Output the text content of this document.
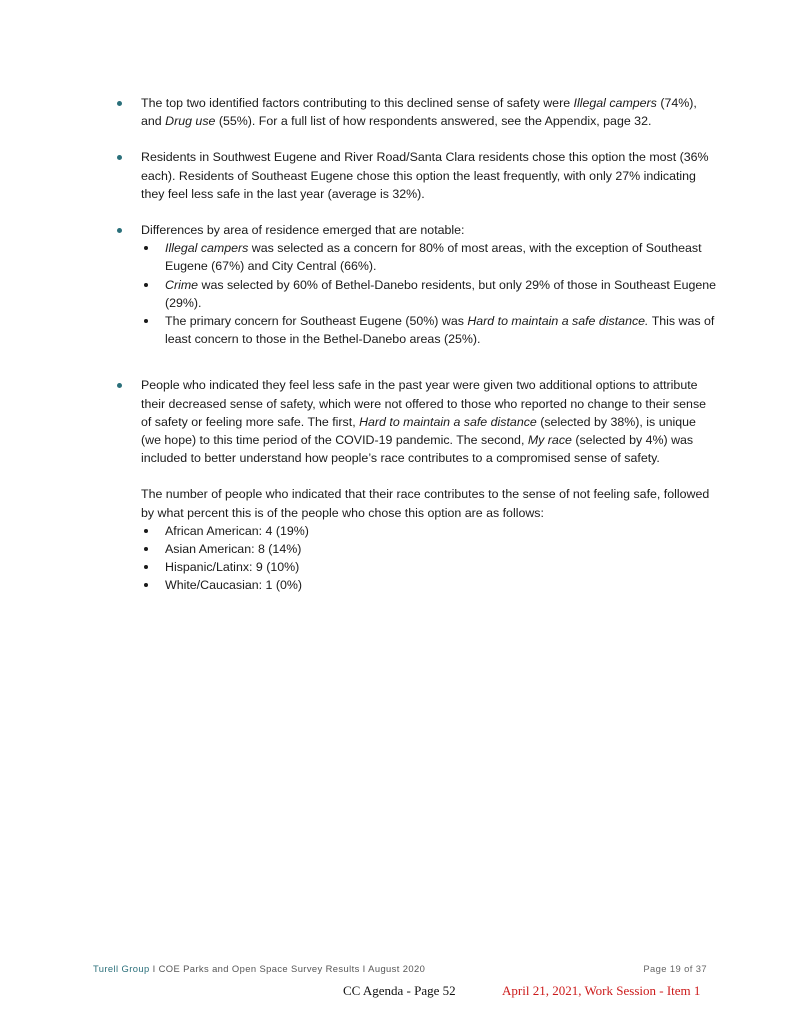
The top two identified factors contributing to this declined sense of safety were Illegal campers (74%), and Drug use (55%). For a full list of how respondents answered, see the Appendix, page 32.
Residents in Southwest Eugene and River Road/Santa Clara residents chose this option the most (36% each). Residents of Southeast Eugene chose this option the least frequently, with only 27% indicating they feel less safe in the last year (average is 32%).
Differences by area of residence emerged that are notable:
Illegal campers was selected as a concern for 80% of most areas, with the exception of Southeast Eugene (67%) and City Central (66%).
Crime was selected by 60% of Bethel-Danebo residents, but only 29% of those in Southeast Eugene (29%).
The primary concern for Southeast Eugene (50%) was Hard to maintain a safe distance. This was of least concern to those in the Bethel-Danebo areas (25%).
People who indicated they feel less safe in the past year were given two additional options to attribute their decreased sense of safety, which were not offered to those who reported no change to their sense of safety or feeling more safe. The first, Hard to maintain a safe distance (selected by 38%), is unique (we hope) to this time period of the COVID-19 pandemic. The second, My race (selected by 4%) was included to better understand how people’s race contributes to a compromised sense of safety.
The number of people who indicated that their race contributes to the sense of not feeling safe, followed by what percent this is of the people who chose this option are as follows:
African American: 4 (19%)
Asian American: 8 (14%)
Hispanic/Latinx: 9 (10%)
White/Caucasian: 1 (0%)
Turell Group I COE Parks and Open Space Survey Results I August 2020	Page 19 of 37
CC Agenda - Page 52	April 21, 2021, Work Session - Item 1
